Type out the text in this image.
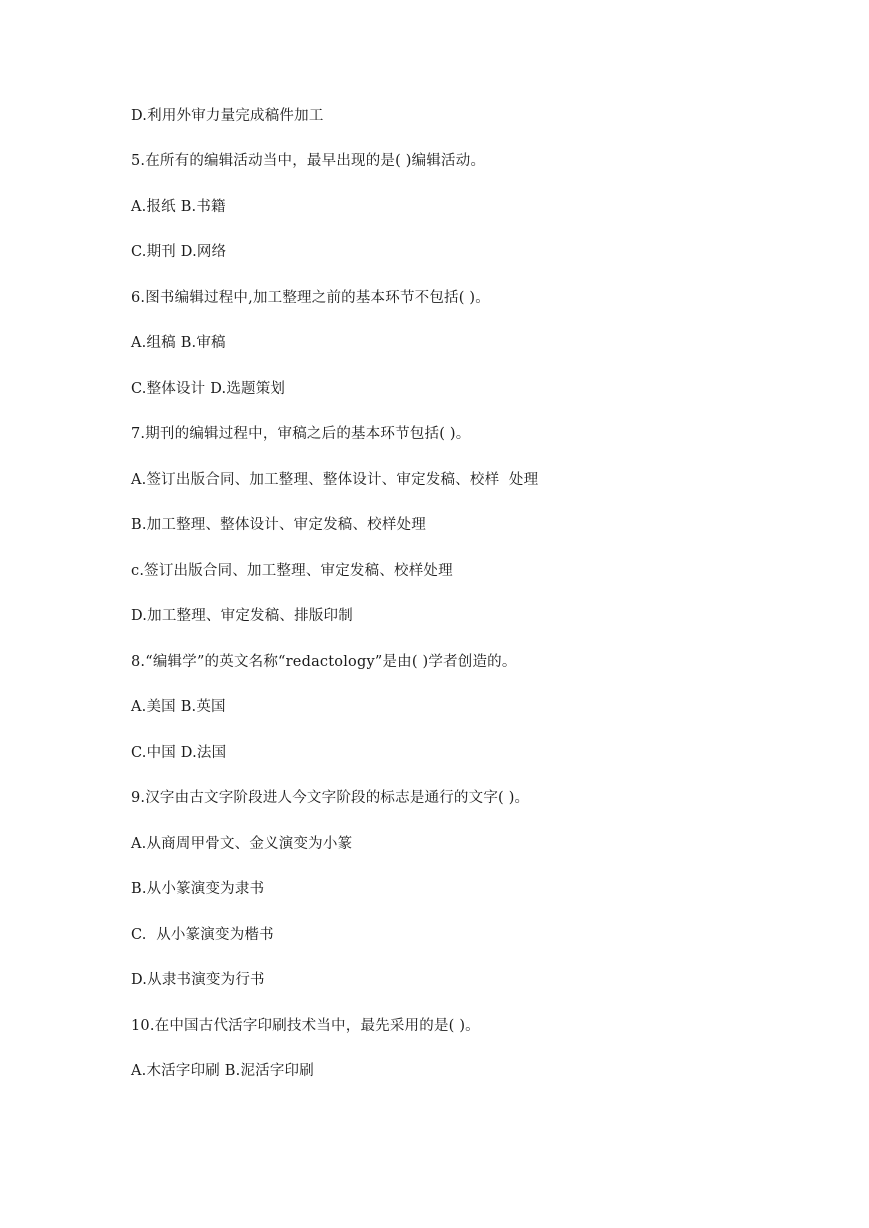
D.利用外审力量完成稿件加工

5.在所有的编辑活动当中，最早出现的是( )编辑活动。

A.报纸 B.书籍

C.期刊 D.网络

6.图书编辑过程中,加工整理之前的基本环节不包括( )。

A.组稿 B.审稿

C.整体设计 D.选题策划

7.期刊的编辑过程中，审稿之后的基本环节包括( )。

A.签订出版合同、加工整理、整体设计、审定发稿、校样  处理

B.加工整理、整体设计、审定发稿、校样处理

c.签订出版合同、加工整理、审定发稿、校样处理

D.加工整理、审定发稿、排版印制

8.“编辑学”的英文名称“redactology”是由( )学者创造的。

A.美国 B.英国

C.中国 D.法国

9.汉字由古文字阶段进人今文字阶段的标志是通行的文字( )。

A.从商周甲骨文、金义演变为小篆

B.从小篆演变为隶书

C.  从小篆演变为楷书

D.从隶书演变为行书

10.在中国古代活字印刷技术当中，最先采用的是( )。

A.木活字印刷 B.泥活字印刷
